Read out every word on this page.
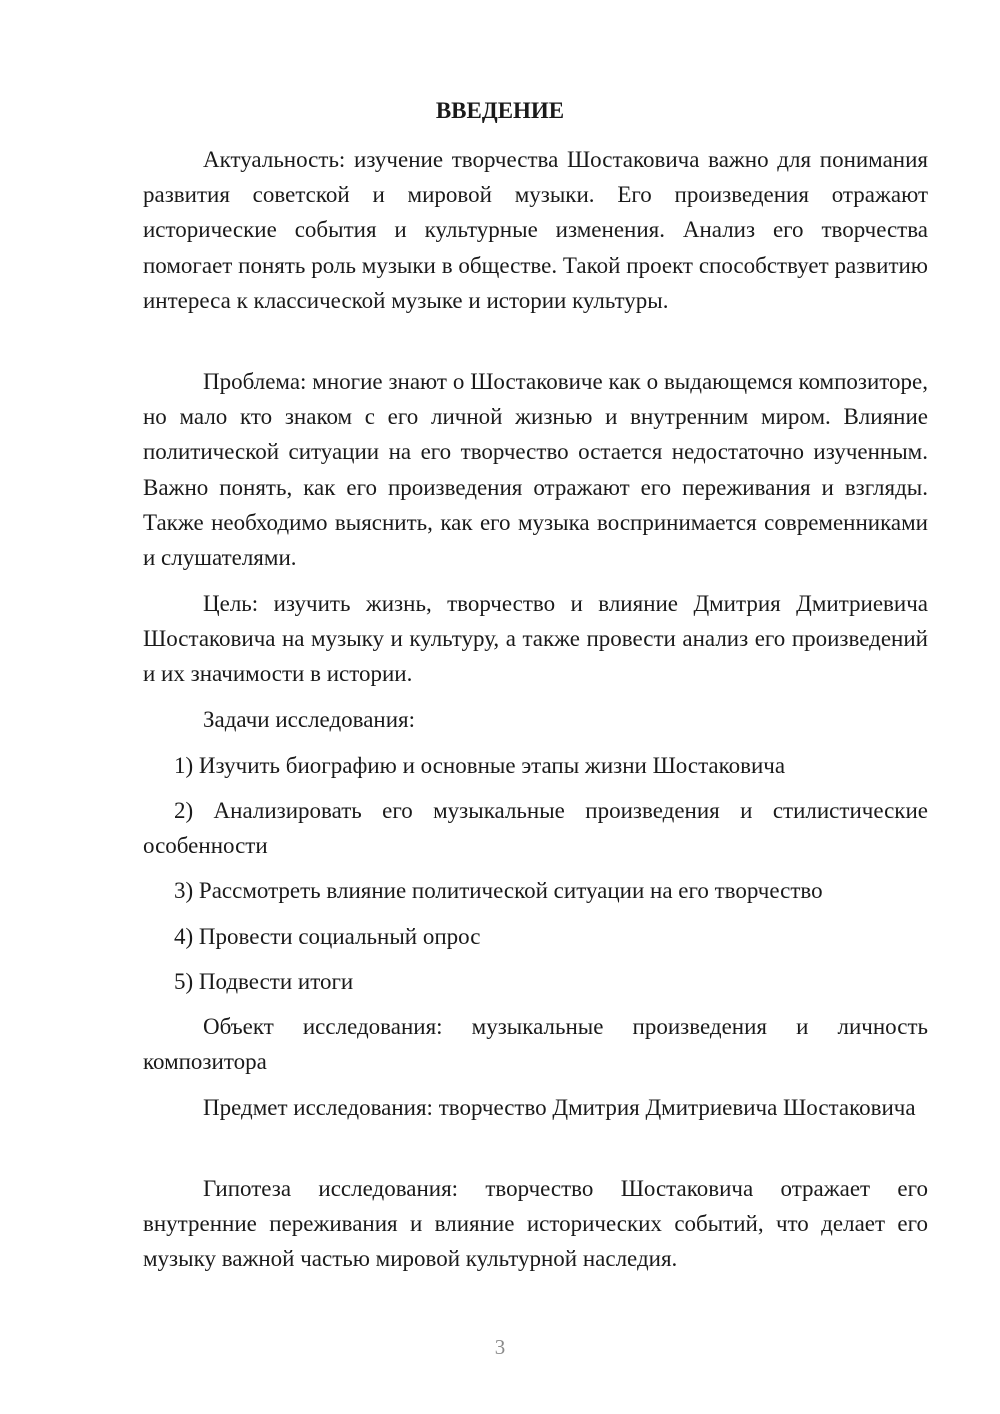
ВВЕДЕНИЕ

Актуальность: изучение творчества Шостаковича важно для понимания развития советской и мировой музыки. Его произведения отражают исторические события и культурные изменения. Анализ его творчества помогает понять роль музыки в обществе. Такой проект способствует развитию интереса к классической музыке и истории культуры.

Проблема: многие знают о Шостаковиче как о выдающемся композиторе, но мало кто знаком с его личной жизнью и внутренним миром. Влияние политической ситуации на его творчество остается недостаточно изученным. Важно понять, как его произведения отражают его переживания и взгляды. Также необходимо выяснить, как его музыка воспринимается современниками и слушателями.

Цель: изучить жизнь, творчество и влияние Дмитрия Дмитриевича Шостаковича на музыку и культуру, а также провести анализ его произведений и их значимости в истории.

Задачи исследования:

1) Изучить биографию и основные этапы жизни Шостаковича

2) Анализировать его музыкальные произведения и стилистические особенности

3) Рассмотреть влияние политической ситуации на его творчество

4) Провести социальный опрос

5) Подвести итоги

Объект исследования: музыкальные произведения и личность композитора

Предмет исследования: творчество Дмитрия Дмитриевича Шостаковича

Гипотеза исследования: творчество Шостаковича отражает его внутренние переживания и влияние исторических событий, что делает его музыку важной частью мировой культурной наследия.

3
